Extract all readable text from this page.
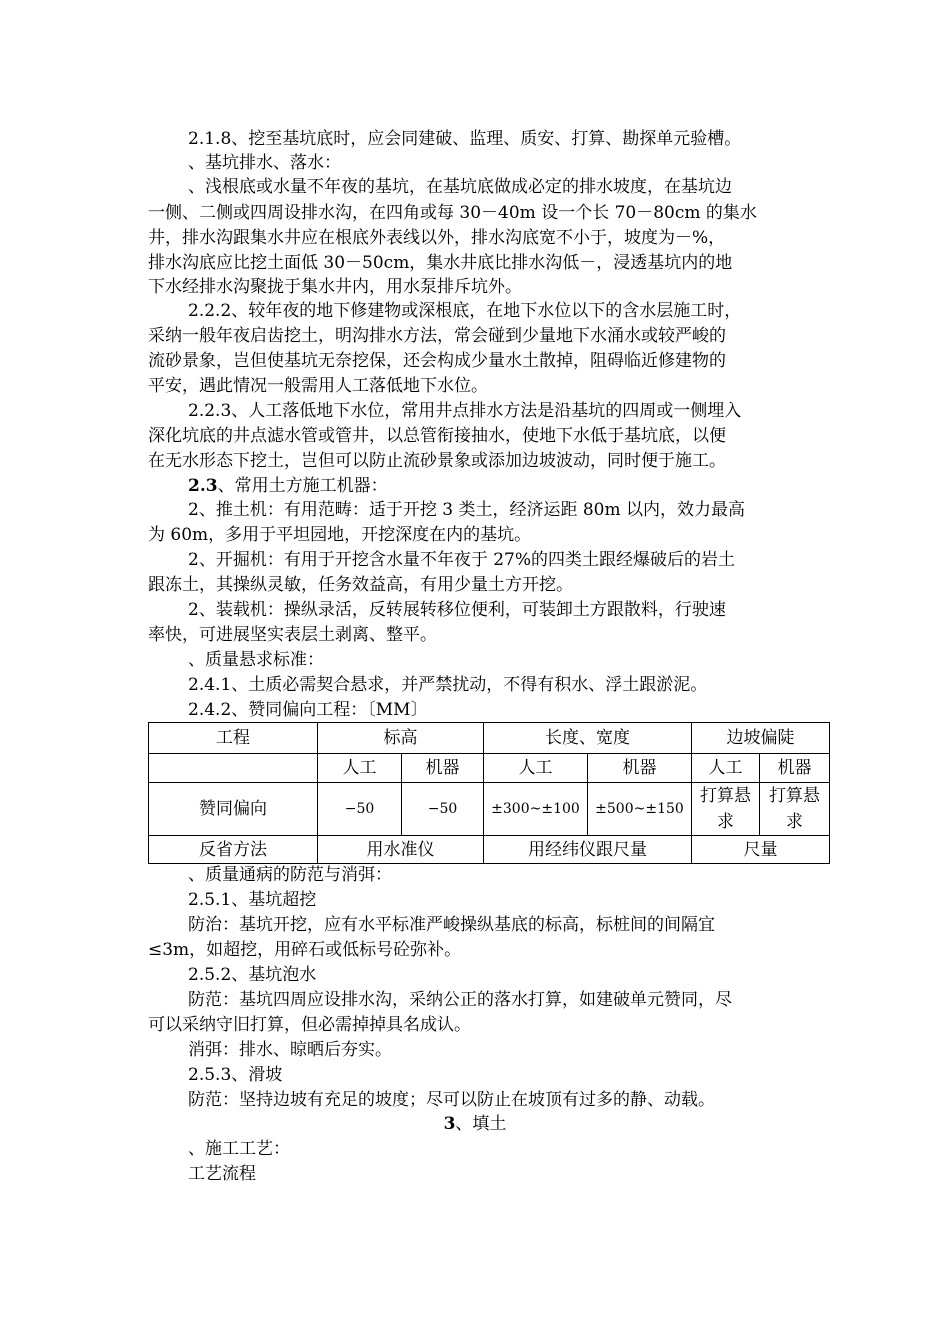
2.1.8、挖至基坑底时，应会同建破、监理、质安、打算、勘探单元验槽。
、基坑排水、落水：
、浅根底或水量不年夜的基坑，在基坑底做成必定的排水坡度，在基坑边
一侧、二侧或四周设排水沟，在四角或每 30－40m 设一个长 70－80cm 的集水
井，排水沟跟集水井应在根底外表线以外，排水沟底宽不小于，坡度为－%，
排水沟底应比挖土面低 30－50cm，集水井底比排水沟低－，浸透基坑内的地
下水经排水沟聚拢于集水井内，用水泵排斥坑外。
2.2.2、较年夜的地下修建物或深根底，在地下水位以下的含水层施工时，
采纳一般年夜启齿挖土，明沟排水方法，常会碰到少量地下水涌水或较严峻的
流砂景象，岂但使基坑无奈挖保，还会构成少量水土散掉，阻碍临近修建物的
平安，遇此情况一般需用人工落低地下水位。
2.2.3、人工落低地下水位，常用井点排水方法是沿基坑的四周或一侧埋入
深化坑底的井点滤水管或管井，以总管衔接抽水，使地下水低于基坑底，以便
在无水形态下挖土，岂但可以防止流砂景象或添加边坡波动，同时便于施工。
2.3、常用土方施工机器：
2、推土机：有用范畴：适于开挖 3 类土，经济运距 80m 以内，效力最高
为 60m，多用于平坦园地，开挖深度在内的基坑。
2、开掘机：有用于开挖含水量不年夜于 27%的四类土跟经爆破后的岩土
跟冻土，其操纵灵敏，任务效益高，有用少量土方开挖。
2、装载机：操纵录活，反转展转移位便利，可装卸土方跟散料，行驶速
率快，可进展坚实表层土剥离、整平。
、质量悬求标准：
2.4.1、土质必需契合悬求，并严禁扰动，不得有积水、浮土跟淤泥。
2.4.2、赞同偏向工程：〔MM〕
工程	标高		长度、宽度		边坡偏陡	
	人工	机器	人工	机器	人工	机器
赞同偏向	−50	−50	±300~±100	±500~±150	打算悬求	打算悬求
反省方法	用水准仪		用经纬仪跟尺量		尺量	
、质量通病的防范与消弭：
2.5.1、基坑超挖
防治：基坑开挖，应有水平标准严峻操纵基底的标高，标桩间的间隔宜
≤3m，如超挖，用碎石或低标号砼弥补。
2.5.2、基坑泡水
防范：基坑四周应设排水沟，采纳公正的落水打算，如建破单元赞同，尽
可以采纳守旧打算，但必需掉掉具名成认。
消弭：排水、晾晒后夯实。
2.5.3、滑坡
防范：坚持边坡有充足的坡度；尽可以防止在坡顶有过多的静、动载。
3、填土
、施工工艺：
工艺流程
